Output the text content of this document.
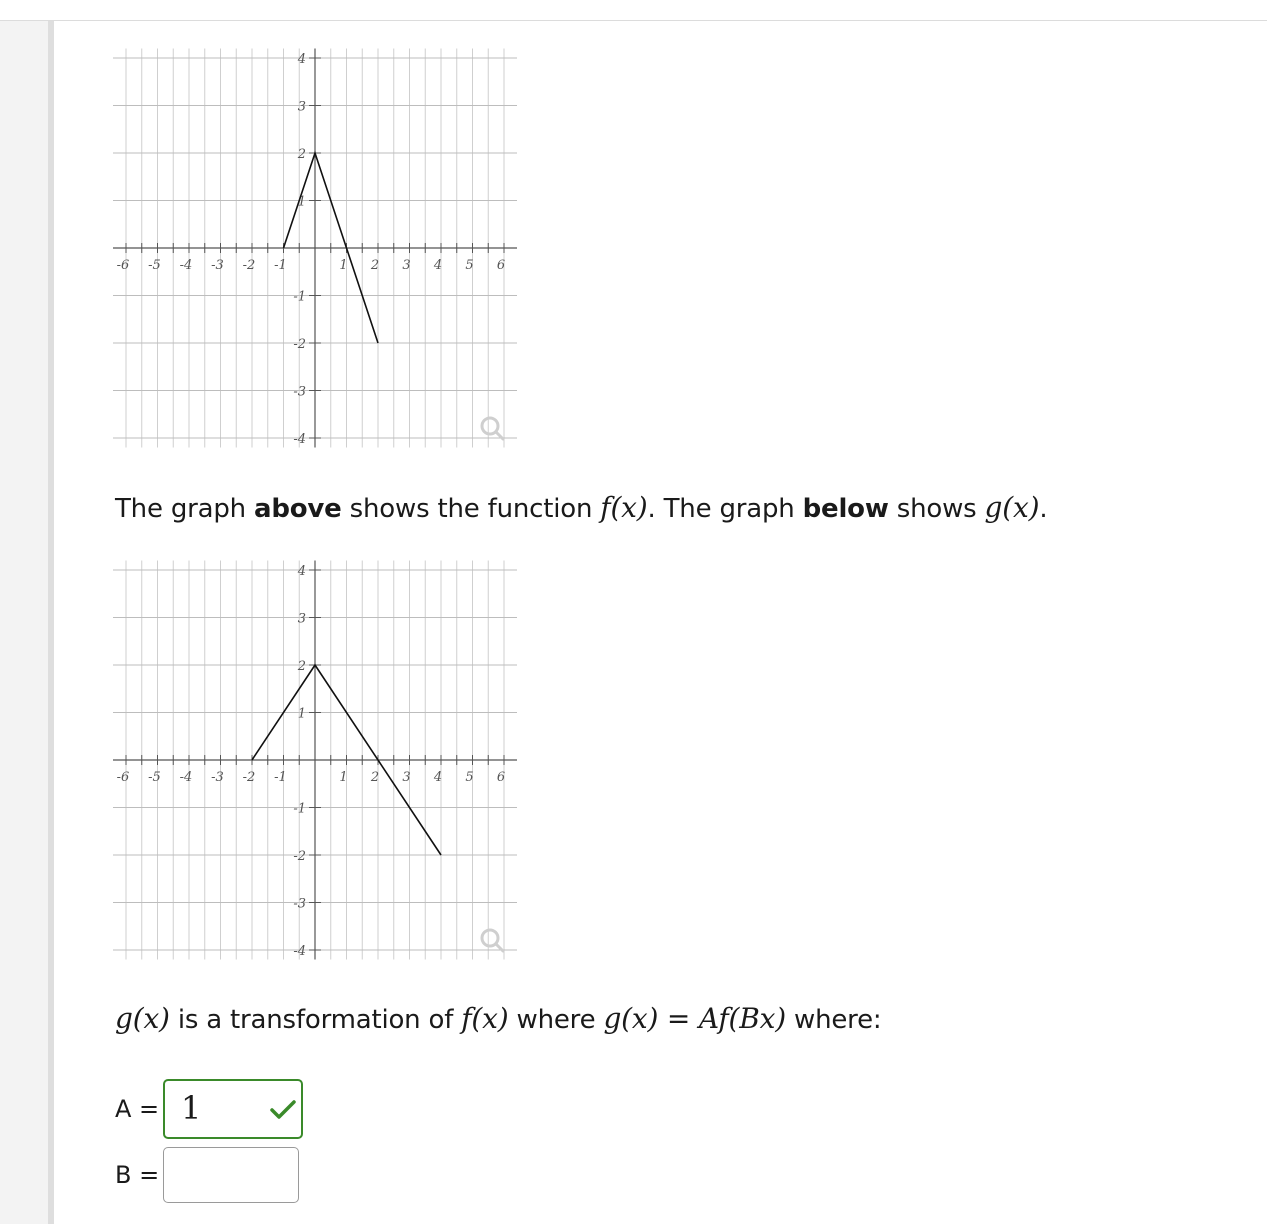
-6 -5 -4 -3 -2 -1	1 2 3 4 5 6
4
3
2
1
-1
-2
-3
-4
The graph above shows the function f(x). The graph below shows g(x).
-6 -5 -4 -3 -2 -1	1 2 3 4 5 6
4
3
2
1
-1
-2
-3
-4
g(x) is a transformation of f(x) where g(x) = Af(Bx) where:
A = 1
B =
